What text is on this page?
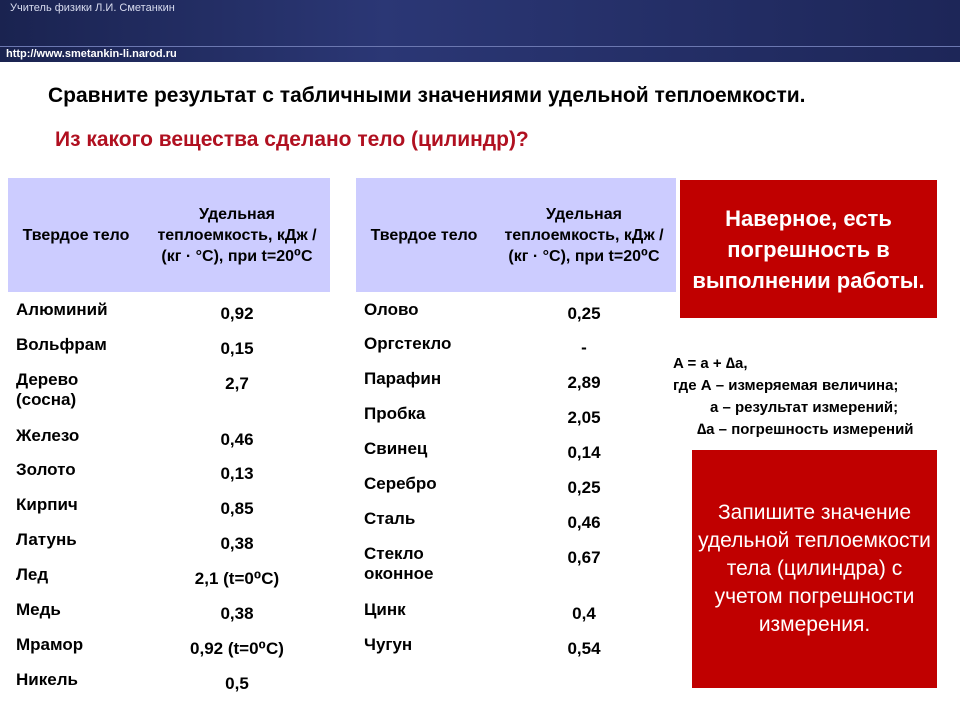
Учитель физики Л.И. Сметанкин
http://www.smetankin-li.narod.ru
Сравните результат с табличными значениями удельной теплоемкости.
Из какого вещества сделано тело (цилиндр)?
Твердое тело	Удельная теплоемкость, кДж / (кг · °С), при t=20⁰С
Алюминий	0,92
Вольфрам	0,15
Дерево (сосна)	2,7
Железо	0,46
Золото	0,13
Кирпич	0,85
Латунь	0,38
Лед	2,1 (t=0⁰C)
Медь	0,38
Мрамор	0,92 (t=0⁰C)
Никель	0,5
Твердое тело	Удельная теплоемкость, кДж / (кг · °С), при t=20⁰С
Олово	0,25
Оргстекло	-
Парафин	2,89
Пробка	2,05
Свинец	0,14
Серебро	0,25
Сталь	0,46
Стекло оконное	0,67
Цинк	0,4
Чугун	0,54
Наверное, есть погрешность в выполнении работы.
A = a + ∆a,
где А – измеряемая величина;
a – результат измерений;
∆a – погрешность измерений
Запишите значение удельной теплоемкости тела (цилиндра) с учетом погрешности измерения.
